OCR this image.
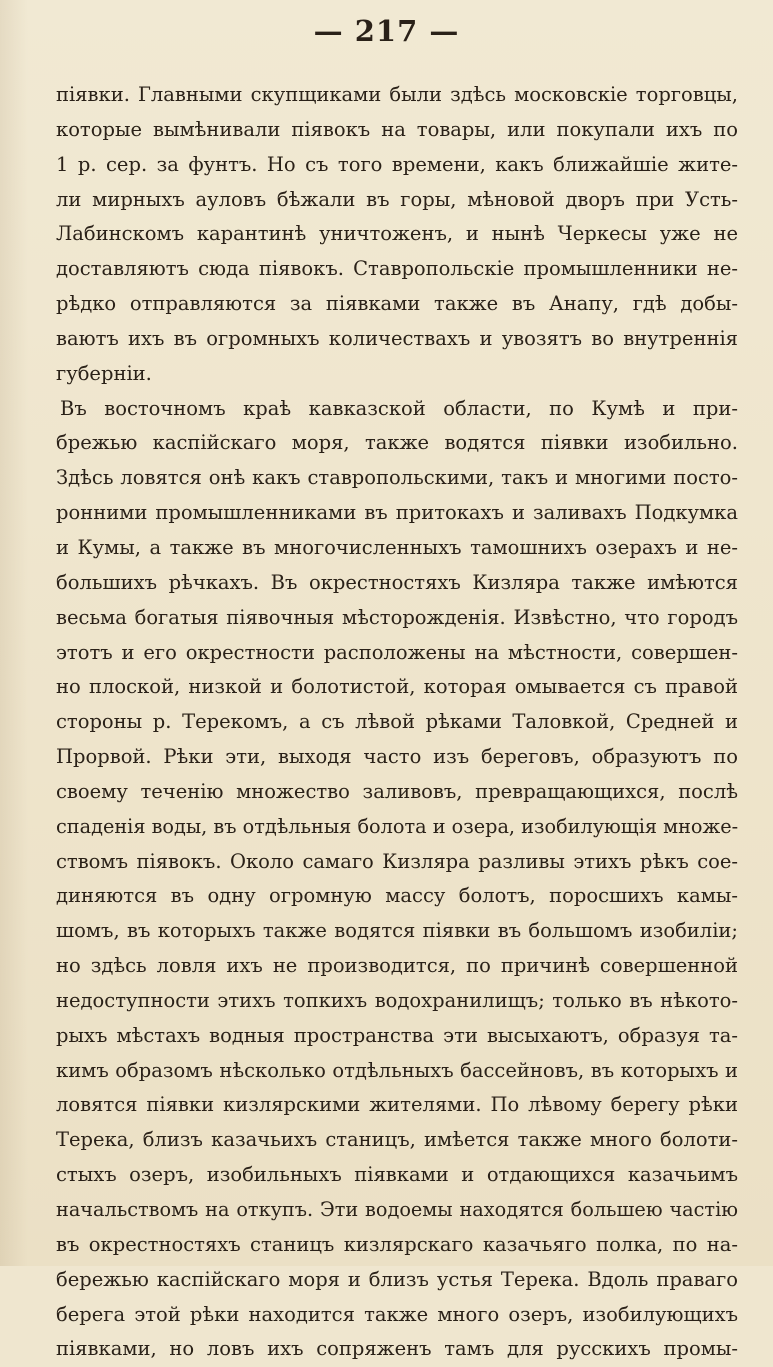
— 217 —
піявки. Главными скупщиками были здѣсь московскіе торговцы,
которые вымѣнивали піявокъ на товары, или покупали ихъ по
1 р. сер. за фунтъ. Но съ того времени, какъ ближайшіе жите-
ли мирныхъ ауловъ бѣжали въ горы, мѣновой дворъ при Усть-
Лабинскомъ карантинѣ уничтоженъ, и нынѣ Черкесы уже не
доставляютъ сюда піявокъ. Ставропольскіе промышленники не-
рѣдко отправляются за піявками также въ Анапу, гдѣ добы-
ваютъ ихъ въ огромныхъ количествахъ и увозятъ во внутреннія
губерніи.
Въ восточномъ краѣ кавказской области, по Кумѣ и при-
брежью каспійскаго моря, также водятся піявки изобильно.
Здѣсь ловятся онѣ какъ ставропольскими, такъ и многими посто-
ронними промышленниками въ притокахъ и заливахъ Подкумка
и Кумы, а также въ многочисленныхъ тамошнихъ озерахъ и не-
большихъ рѣчкахъ. Въ окрестностяхъ Кизляра также имѣются
весьма богатыя піявочныя мѣсторожденія. Извѣстно, что городъ
этотъ и его окрестности расположены на мѣстности, совершен-
но плоской, низкой и болотистой, которая омывается съ правой
стороны р. Терекомъ, а съ лѣвой рѣками Таловкой, Средней и
Прорвой. Рѣки эти, выходя часто изъ береговъ, образуютъ по
своему теченію множество заливовъ, превращающихся, послѣ
спаденія воды, въ отдѣльныя болота и озера, изобилующія множе-
ствомъ піявокъ. Около самаго Кизляра разливы этихъ рѣкъ сое-
диняются въ одну огромную массу болотъ, поросшихъ камы-
шомъ, въ которыхъ также водятся піявки въ большомъ изобиліи;
но здѣсь ловля ихъ не производится, по причинѣ совершенной
недоступности этихъ топкихъ водохранилищъ; только въ нѣкото-
рыхъ мѣстахъ водныя пространства эти высыхаютъ, образуя та-
кимъ образомъ нѣсколько отдѣльныхъ бассейновъ, въ которыхъ и
ловятся піявки кизлярскими жителями. По лѣвому берегу рѣки
Терека, близъ казачьихъ станицъ, имѣется также много болоти-
стыхъ озеръ, изобильныхъ піявками и отдающихся казачьимъ
начальствомъ на откупъ. Эти водоемы находятся большею частію
въ окрестностяхъ станицъ кизлярскаго казачьяго полка, по на-
бережью каспійскаго моря и близъ устья Терека. Вдоль праваго
берега этой рѣки находится также много озеръ, изобилующихъ
піявками, но ловъ ихъ сопряженъ тамъ для русскихъ промы-
